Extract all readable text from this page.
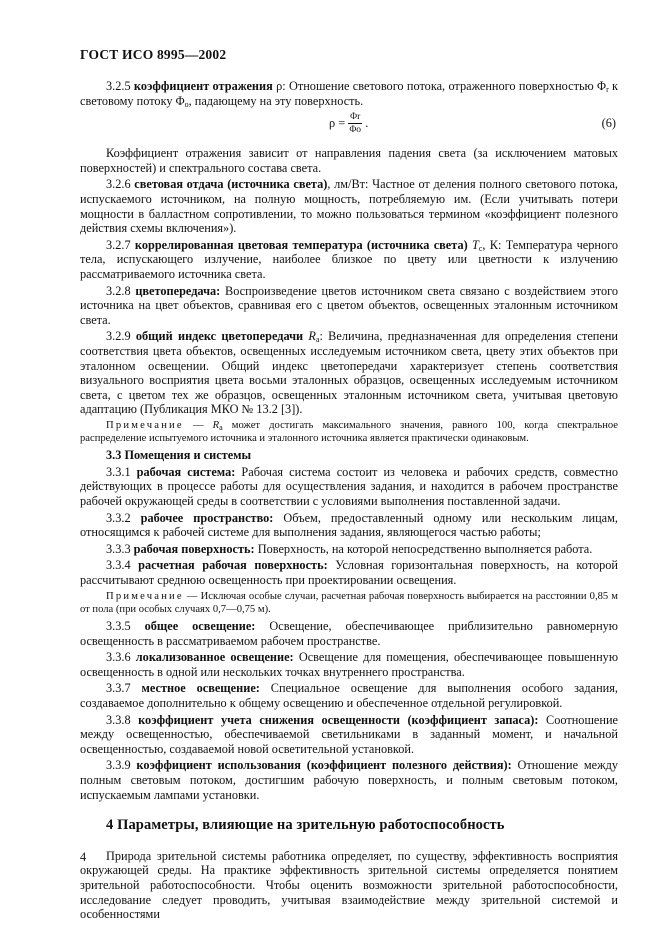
ГОСТ ИСО 8995—2002

3.2.5 коэффициент отражения ρ: Отношение светового потока, отраженного поверхностью $\Phi_r$ к световому потоку $\Phi_o$, падающему на эту поверхность.

$\rho = \frac{\Phi r}{\Phi o}$ .	(6)

Коэффициент отражения зависит от направления падения света (за исключением матовых поверхностей) и спектрального состава света.

3.2.6 световая отдача (источника света), лм/Вт: Частное от деления полного светового потока, испускаемого источником, на полную мощность, потребляемую им. (Если учитывать потери мощности в балластном сопротивлении, то можно пользоваться термином «коэффициент полезного действия схемы включения»).

3.2.7 коррелированная цветовая температура (источника света) $T_c$, К: Температура черного тела, испускающего излучение, наиболее близкое по цвету или цветности к излучению рассматриваемого источника света.

3.2.8 цветопередача: Воспроизведение цветов источником света связано с воздействием этого источника на цвет объектов, сравнивая его с цветом объектов, освещенных эталонным источником света.

3.2.9 общий индекс цветопередачи $R_a$: Величина, предназначенная для определения степени соответствия цвета объектов, освещенных исследуемым источником света, цвету этих объектов при эталонном освещении. Общий индекс цветопередачи характеризует степень соответствия визуального восприятия цвета восьми эталонных образцов, освещенных исследуемым источником света, с цветом тех же образцов, освещенных эталонным источником света, учитывая цветовую адаптацию (Публикация МКО № 13.2 [3]).

Примечание — $R_a$ может достигать максимального значения, равного 100, когда спектральное распределение испытуемого источника и эталонного источника является практически одинаковым.

3.3 Помещения и системы

3.3.1 рабочая система: Рабочая система состоит из человека и рабочих средств, совместно действующих в процессе работы для осуществления задания, и находится в рабочем пространстве рабочей окружающей среды в соответствии с условиями выполнения поставленной задачи.

3.3.2 рабочее пространство: Объем, предоставленный одному или нескольким лицам, относящимся к рабочей системе для выполнения задания, являющегося частью работы;

3.3.3 рабочая поверхность: Поверхность, на которой непосредственно выполняется работа.

3.3.4 расчетная рабочая поверхность: Условная горизонтальная поверхность, на которой рассчитывают среднюю освещенность при проектировании освещения.

Примечание — Исключая особые случаи, расчетная рабочая поверхность выбирается на расстоянии 0,85 м от пола (при особых случаях 0,7—0,75 м).

3.3.5 общее освещение: Освещение, обеспечивающее приблизительно равномерную освещенность в рассматриваемом рабочем пространстве.

3.3.6 локализованное освещение: Освещение для помещения, обеспечивающее повышенную освещенность в одной или нескольких точках внутреннего пространства.

3.3.7 местное освещение: Специальное освещение для выполнения особого задания, создаваемое дополнительно к общему освещению и обеспеченное отдельной регулировкой.

3.3.8 коэффициент учета снижения освещенности (коэффициент запаса): Соотношение между освещенностью, обеспечиваемой светильниками в заданный момент, и начальной освещенностью, создаваемой новой осветительной установкой.

3.3.9 коэффициент использования (коэффициент полезного действия): Отношение между полным световым потоком, достигшим рабочую поверхность, и полным световым потоком, испускаемым лампами установки.

4 Параметры, влияющие на зрительную работоспособность

Природа зрительной системы работника определяет, по существу, эффективность восприятия окружающей среды. На практике эффективность зрительной системы определяется понятием зрительной работоспособности. Чтобы оценить возможности зрительной работоспособности, исследование следует проводить, учитывая взаимодействие между зрительной системой и особенностями

4
